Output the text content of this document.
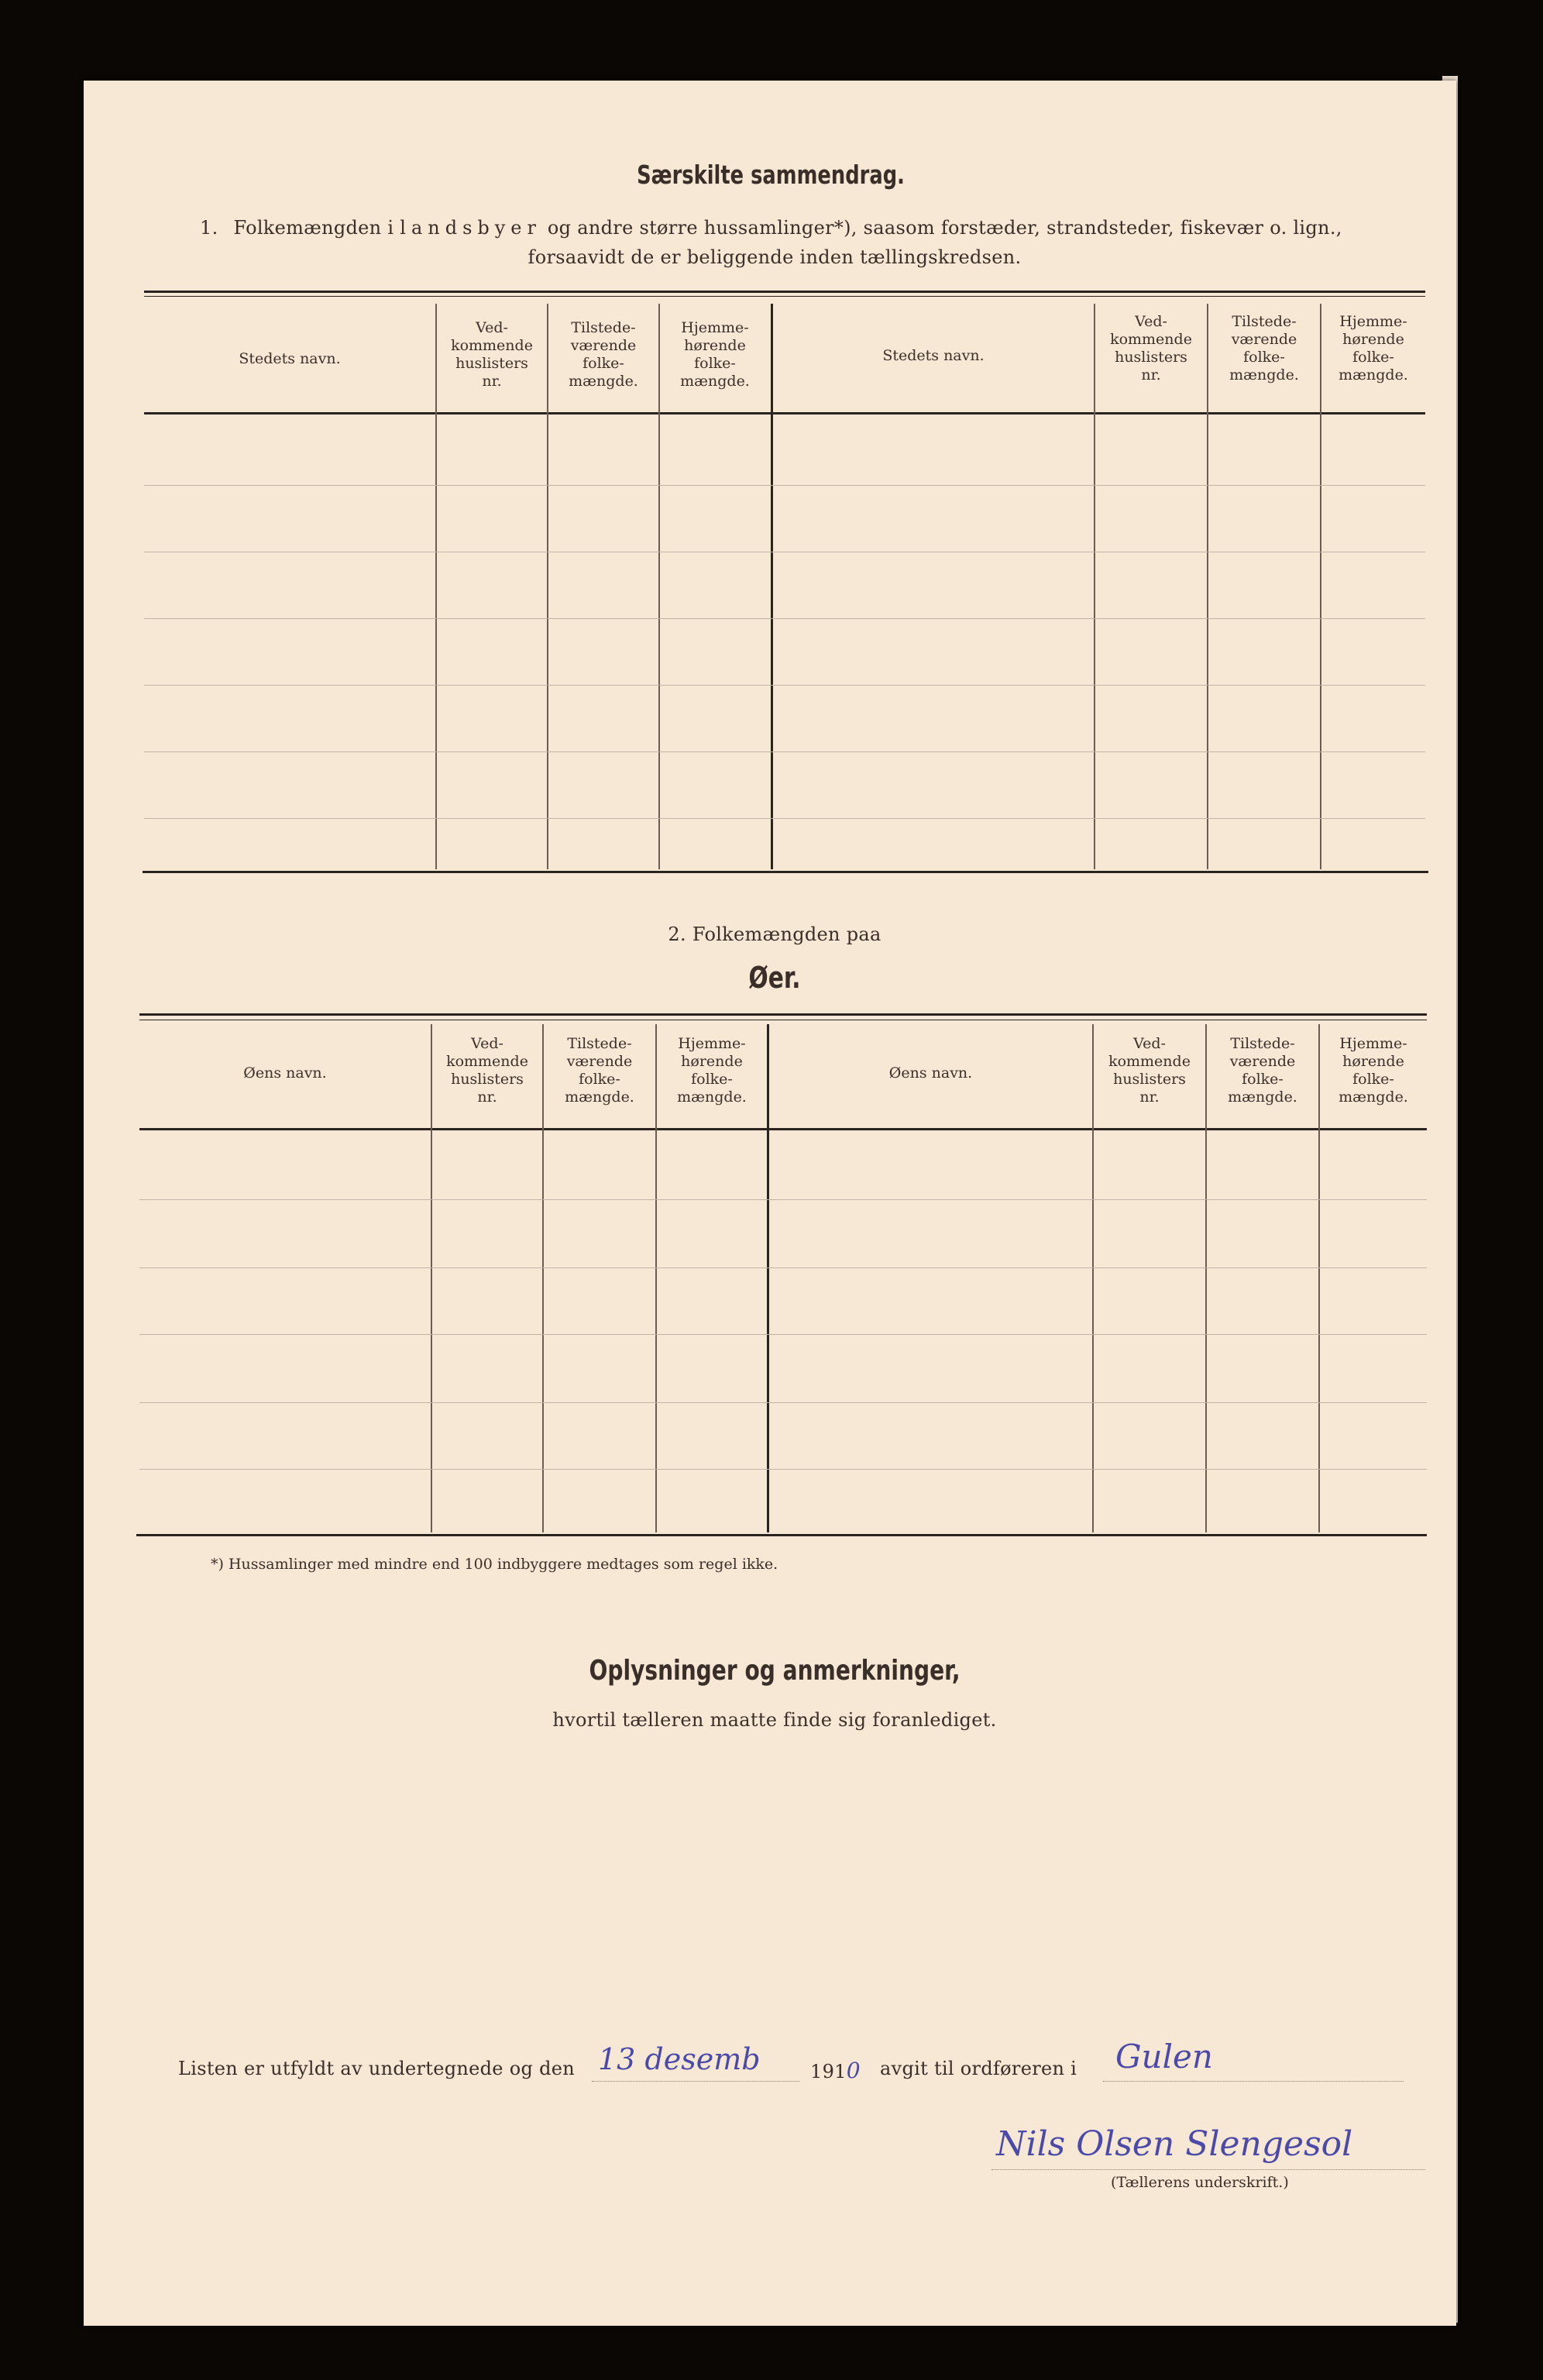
Særskilte sammendrag.
1. Folkemængden i landsbyer og andre større hussamlinger*), saasom forstæder, strandsteder, fiskevær o. lign.,
forsaavidt de er beliggende inden tællingskredsen.
Stedets navn.
Ved-
kommende
huslisters
nr.
Tilstede-
værende
folke-
mængde.
Hjemme-
hørende
folke-
mængde.
Stedets navn.
Ved-
kommende
huslisters
nr.
Tilstede-
værende
folke-
mængde.
Hjemme-
hørende
folke-
mængde.
2. Folkemængden paa
Øer.
Øens navn.
Ved-
kommende
huslisters
nr.
Tilstede-
værende
folke-
mængde.
Hjemme-
hørende
folke-
mængde.
Øens navn.
Ved-
kommende
huslisters
nr.
Tilstede-
værende
folke-
mængde.
Hjemme-
hørende
folke-
mængde.
*) Hussamlinger med mindre end 100 indbyggere medtages som regel ikke.
Oplysninger og anmerkninger,
hvortil tælleren maatte finde sig foranlediget.
Listen er utfyldt av undertegnede og den 13 desemb	1910 avgit til ordføreren i Gulen
Nils Olsen Slengesol
(Tællerens underskrift.)
